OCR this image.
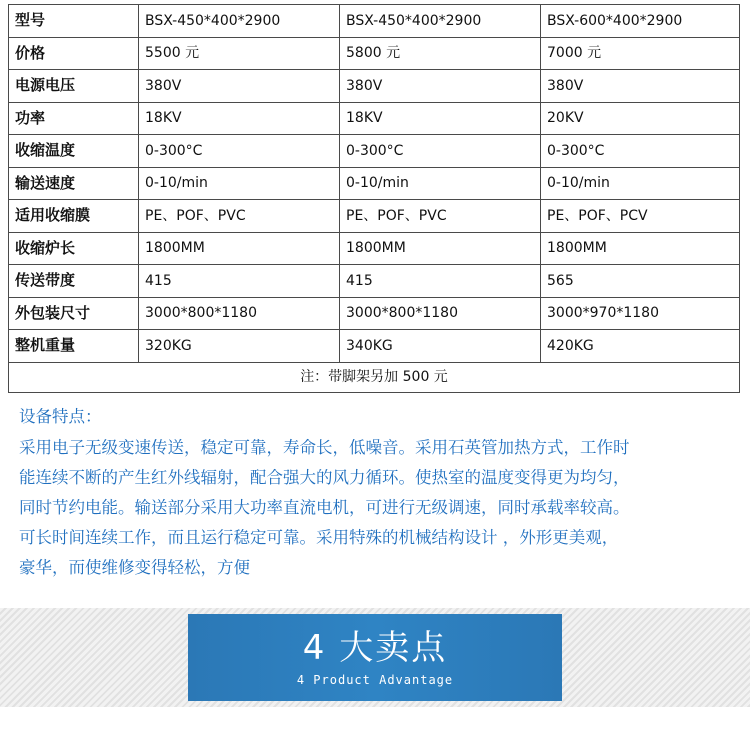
型号	BSX-450*400*2900	BSX-450*400*2900	BSX-600*400*2900
价格	5500 元	5800 元	7000 元
电源电压	380V	380V	380V
功率	18KV	18KV	20KV
收缩温度	0-300°C	0-300°C	0-300°C
输送速度	0-10/min	0-10/min	0-10/min
适用收缩膜	PE、POF、PVC	PE、POF、PVC	PE、POF、PCV
收缩炉长	1800MM	1800MM	1800MM
传送带度	415	415	565
外包装尺寸	3000*800*1180	3000*800*1180	3000*970*1180
整机重量	320KG	340KG	420KG
注：带脚架另加 500 元			
设备特点：
采用电子无级变速传送，稳定可靠，寿命长，低噪音。采用石英管加热方式，工作时
能连续不断的产生红外线辐射，配合强大的风力循环。使热室的温度变得更为均匀，
同时节约电能。输送部分采用大功率直流电机，可进行无级调速，同时承载率较高。
可长时间连续工作，而且运行稳定可靠。采用特殊的机械结构设计 ，外形更美观，
豪华，而使维修变得轻松，方便
4 大卖点
4 Product Advantage
